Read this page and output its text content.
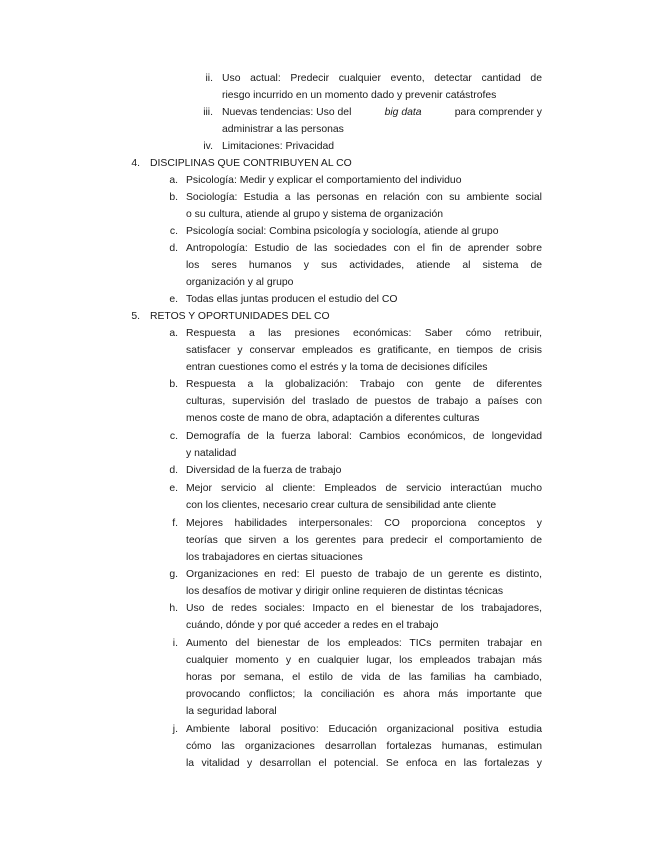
ii. Uso actual: Predecir cualquier evento, detectar cantidad de
riesgo incurrido en un momento dado y prevenir catástrofes
iii. Nuevas tendencias: Uso del	big data	para comprender y
administrar a las personas
iv. Limitaciones: Privacidad
4. DISCIPLINAS QUE CONTRIBUYEN AL CO
a. Psicología: Medir y explicar el comportamiento del individuo
b. Sociología: Estudia a las personas en relación con su ambiente social
o su cultura, atiende al grupo y sistema de organización
c. Psicología social: Combina psicología y sociología, atiende al grupo
d. Antropología: Estudio de las sociedades con el fin de aprender sobre
los seres humanos y sus actividades, atiende al sistema de
organización y al grupo
e. Todas ellas juntas producen el estudio del CO
5. RETOS Y OPORTUNIDADES DEL CO
a. Respuesta a las presiones económicas: Saber cómo retribuir,
satisfacer y conservar empleados es gratificante, en tiempos de crisis
entran cuestiones como el estrés y la toma de decisiones difíciles
b. Respuesta a la globalización: Trabajo con gente de diferentes
culturas, supervisión del traslado de puestos de trabajo a países con
menos coste de mano de obra, adaptación a diferentes culturas
c. Demografía de la fuerza laboral: Cambios económicos, de longevidad
y natalidad
d. Diversidad de la fuerza de trabajo
e. Mejor servicio al cliente: Empleados de servicio interactúan mucho
con los clientes, necesario crear cultura de sensibilidad ante cliente
f. Mejores habilidades interpersonales: CO proporciona conceptos y
teorías que sirven a los gerentes para predecir el comportamiento de
los trabajadores en ciertas situaciones
g. Organizaciones en red: El puesto de trabajo de un gerente es distinto,
los desafíos de motivar y dirigir online requieren de distintas técnicas
h. Uso de redes sociales: Impacto en el bienestar de los trabajadores,
cuándo, dónde y por qué acceder a redes en el trabajo
i. Aumento del bienestar de los empleados: TICs permiten trabajar en
cualquier momento y en cualquier lugar, los empleados trabajan más
horas por semana, el estilo de vida de las familias ha cambiado,
provocando conflictos; la conciliación es ahora más importante que
la seguridad laboral
j. Ambiente laboral positivo: Educación organizacional positiva estudia
cómo las organizaciones desarrollan fortalezas humanas, estimulan
la vitalidad y desarrollan el potencial. Se enfoca en las fortalezas y
